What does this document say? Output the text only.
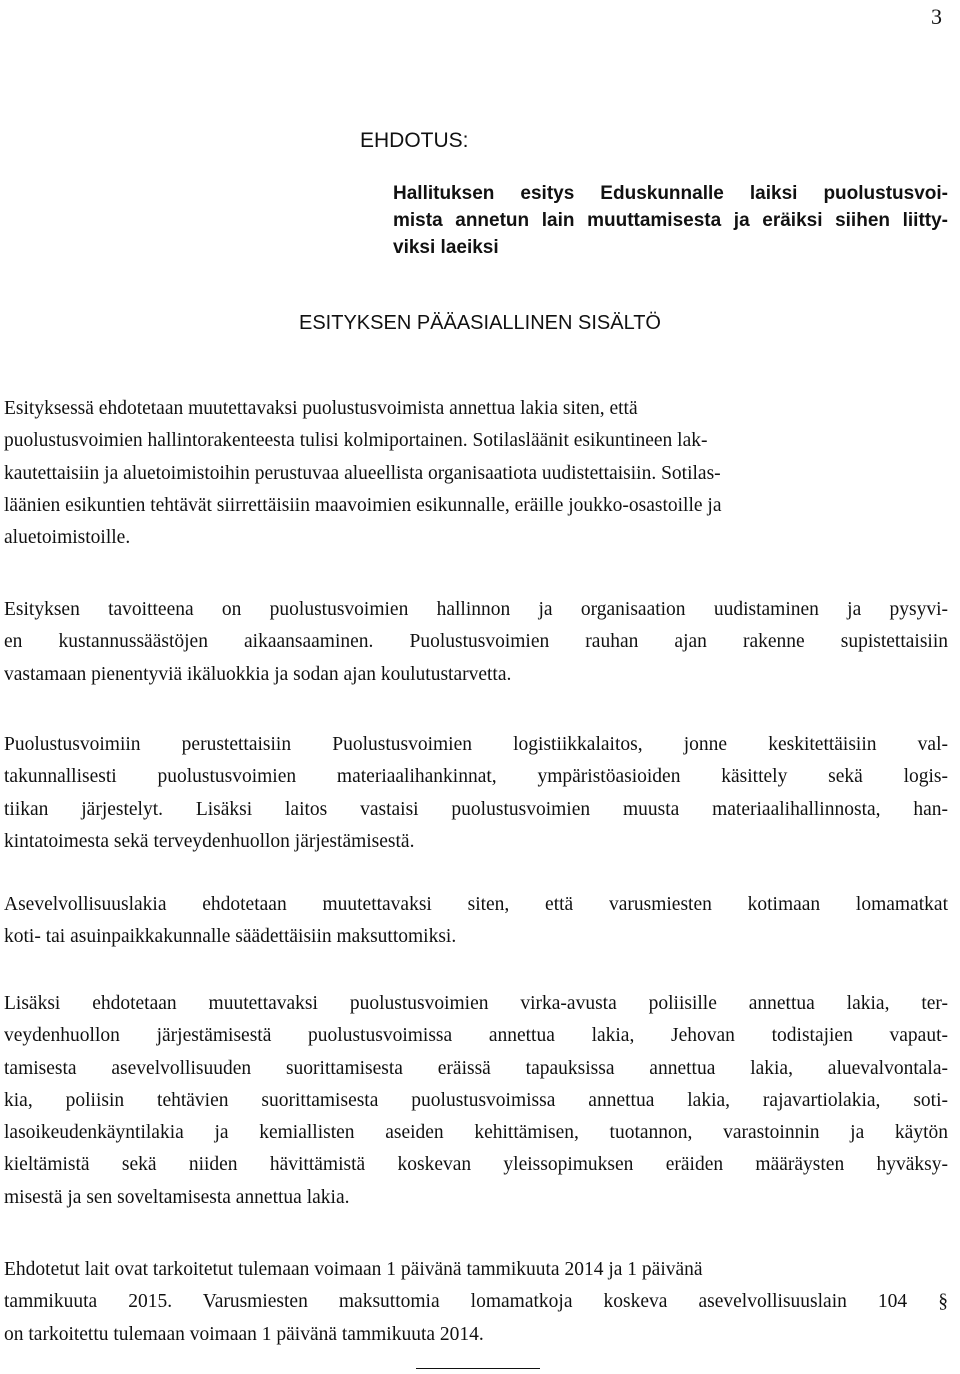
3
EHDOTUS:
Hallituksen esitys Eduskunnalle laiksi puolustusvoi-
mista annetun lain muuttamisesta ja eräiksi siihen liitty-
viksi laeiksi
ESITYKSEN PÄÄASIALLINEN SISÄLTÖ
Esityksessä ehdotetaan muutettavaksi puolustusvoimista annettua lakia siten, että
puolustusvoimien hallintorakenteesta tulisi kolmiportainen. Sotilasläänit esikuntineen lak-
kautettaisiin ja aluetoimistoihin perustuvaa alueellista organisaatiota uudistettaisiin. Sotilas-
läänien esikuntien tehtävät siirrettäisiin maavoimien esikunnalle, eräille joukko-osastoille ja
aluetoimistoille.
Esityksen tavoitteena on puolustusvoimien hallinnon ja organisaation uudistaminen ja pysyvi-
en kustannussäästöjen aikaansaaminen. Puolustusvoimien rauhan ajan rakenne supistettaisiin
vastamaan pienentyviä ikäluokkia ja sodan ajan koulutustarvetta.
Puolustusvoimiin perustettaisiin Puolustusvoimien logistiikkalaitos, jonne keskitettäisiin val-
takunnallisesti puolustusvoimien materiaalihankinnat, ympäristöasioiden käsittely sekä logis-
tiikan järjestelyt. Lisäksi laitos vastaisi puolustusvoimien muusta materiaalihallinnosta, han-
kintatoimesta sekä terveydenhuollon järjestämisestä.
Asevelvollisuuslakia ehdotetaan muutettavaksi siten, että varusmiesten kotimaan lomamatkat
koti- tai asuinpaikkakunnalle säädettäisiin maksuttomiksi.
Lisäksi ehdotetaan muutettavaksi puolustusvoimien virka-avusta poliisille annettua lakia, ter-
veydenhuollon järjestämisestä puolustusvoimissa annettua lakia, Jehovan todistajien vapaut-
tamisesta asevelvollisuuden suorittamisesta eräissä tapauksissa annettua lakia, aluevalvontala-
kia, poliisin tehtävien suorittamisesta puolustusvoimissa annettua lakia, rajavartiolakia, soti-
lasoikeudenkäyntilakia ja kemiallisten aseiden kehittämisen, tuotannon, varastoinnin ja käytön
kieltämistä sekä niiden hävittämistä koskevan yleissopimuksen eräiden määräysten hyväksy-
misestä ja sen soveltamisesta annettua lakia.
Ehdotetut lait ovat tarkoitetut tulemaan voimaan 1 päivänä tammikuuta 2014 ja 1 päivänä
tammikuuta 2015. Varusmiesten maksuttomia lomamatkoja koskeva asevelvollisuuslain 104 §
on tarkoitettu tulemaan voimaan 1 päivänä tammikuuta 2014.
